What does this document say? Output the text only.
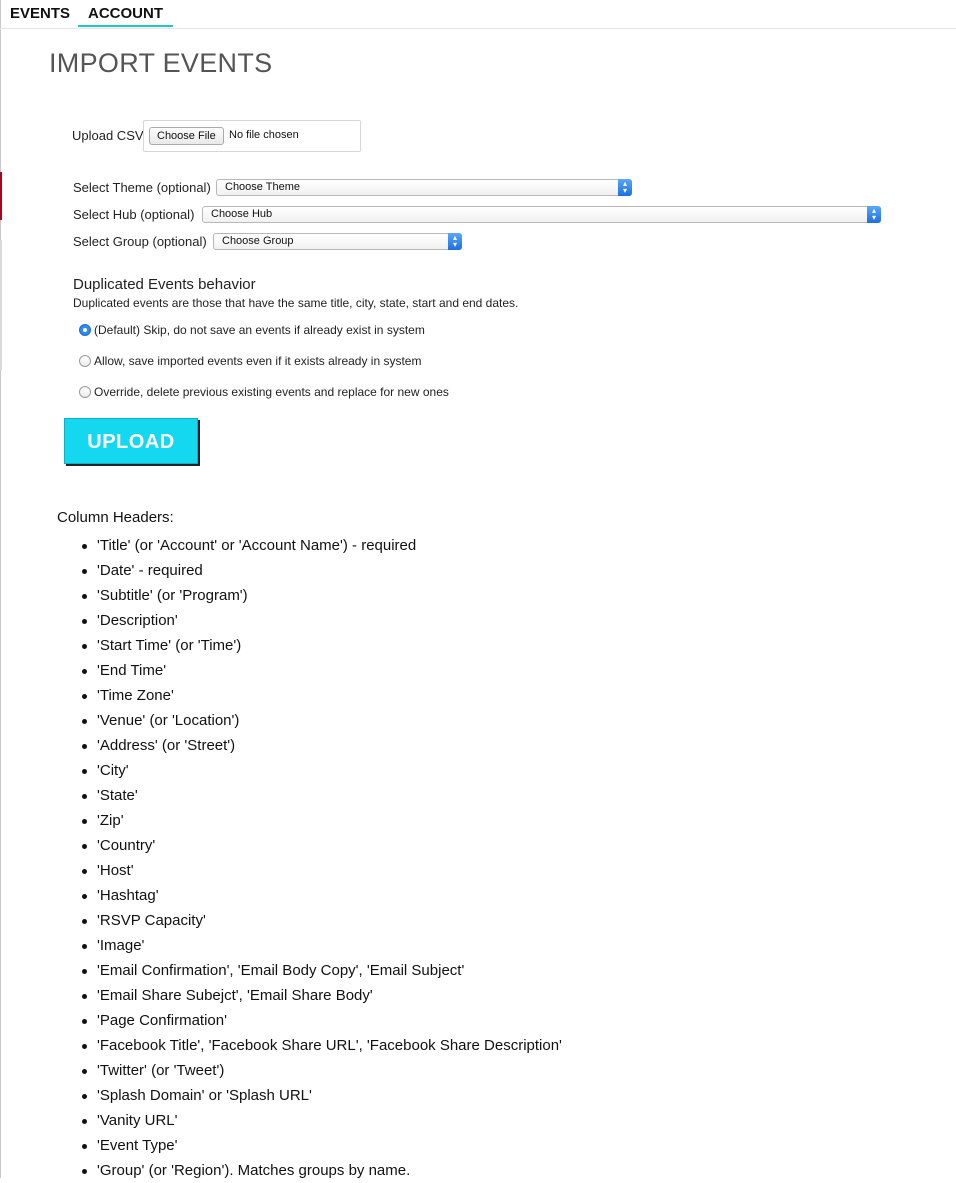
EVENTS	ACCOUNT
IMPORT EVENTS
Upload CSV	Choose File	No file chosen
Select Theme (optional)	Choose Theme	▴
▾
Select Hub (optional)	Choose Hub	▴
▾
Select Group (optional)	Choose Group	▴
▾
Duplicated Events behavior
Duplicated events are those that have the same title, city, state, start and end dates.
(Default) Skip, do not save an events if already exist in system
Allow, save imported events even if it exists already in system
Override, delete previous existing events and replace for new ones
UPLOAD
Column Headers:
'Title' (or 'Account' or 'Account Name') - required
'Date' - required
'Subtitle' (or 'Program')
'Description'
'Start Time' (or 'Time')
'End Time'
'Time Zone'
'Venue' (or 'Location')
'Address' (or 'Street')
'City'
'State'
'Zip'
'Country'
'Host'
'Hashtag'
'RSVP Capacity'
'Image'
'Email Confirmation', 'Email Body Copy', 'Email Subject'
'Email Share Subejct', 'Email Share Body'
'Page Confirmation'
'Facebook Title', 'Facebook Share URL', 'Facebook Share Description'
'Twitter' (or 'Tweet')
'Splash Domain' or 'Splash URL'
'Vanity URL'
'Event Type'
'Group' (or 'Region'). Matches groups by name.
